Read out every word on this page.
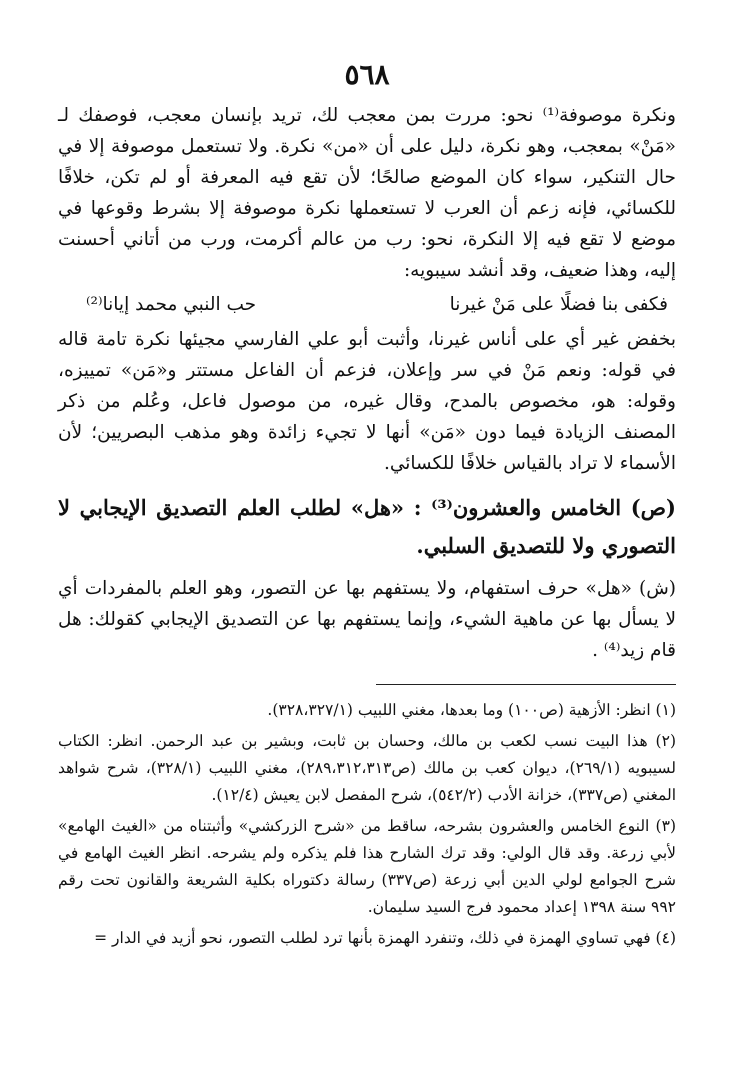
٥٦٨

ونكرة موصوفة⁽¹⁾ نحو: مررت بمن معجب لك، تريد بإنسان معجب، فوصفك لـ «مَنْ» بمعجب، وهو نكرة، دليل على أن «من» نكرة. ولا تستعمل موصوفة إلا في حال التنكير، سواء كان الموضع صالحًا؛ لأن تقع فيه المعرفة أو لم تكن، خلافًا للكسائي، فإنه زعم أن العرب لا تستعملها نكرة موصوفة إلا بشرط وقوعها في موضع لا تقع فيه إلا النكرة، نحو: رب من عالم أكرمت، ورب من أتاني أحسنت إليه، وهذا ضعيف، وقد أنشد سيبويه:

فكفى بنا فضلًا على مَنْ غيرنا
حب النبي محمد إيانا⁽²⁾

بخفض غير أي على أناس غيرنا، وأثبت أبو علي الفارسي مجيئها نكرة تامة قاله في قوله: ونعم مَنْ في سر وإعلان، فزعم أن الفاعل مستتر و«مَن» تمييزه، وقوله: هو، مخصوص بالمدح، وقال غيره، من موصول فاعل، وعُلم من ذكر المصنف الزيادة فيما دون «مَن» أنها لا تجيء زائدة وهو مذهب البصريين؛ لأن الأسماء لا تراد بالقياس خلافًا للكسائي.

(ص) الخامس والعشرون⁽³⁾ : «هل» لطلب العلم التصديق الإيجابي لا التصوري ولا للتصديق السلبي.

(ش) «هل» حرف استفهام، ولا يستفهم بها عن التصور، وهو العلم بالمفردات أي لا يسأل بها عن ماهية الشيء، وإنما يستفهم بها عن التصديق الإيجابي كقولك: هل قام زيد⁽⁴⁾ .

(١) انظر: الأزهية (ص١٠٠) وما بعدها، مغني اللبيب (٣٢٨،٣٢٧/١).

(٢) هذا البيت نسب لكعب بن مالك، وحسان بن ثابت، وبشير بن عبد الرحمن. انظر: الكتاب لسيبويه (٢٦٩/١)، ديوان كعب بن مالك (ص٢٨٩،٣١٢،٣١٣)، مغني اللبيب (٣٢٨/١)، شرح شواهد المغني (ص٣٣٧)، خزانة الأدب (٥٤٢/٢)، شرح المفصل لابن يعيش (١٢/٤).

(٣) النوع الخامس والعشرون بشرحه، ساقط من «شرح الزركشي» وأثبتناه من «الغيث الهامع» لأبي زرعة. وقد قال الولي: وقد ترك الشارح هذا فلم يذكره ولم يشرحه. انظر الغيث الهامع في شرح الجوامع لولي الدين أبي زرعة (ص٣٣٧) رسالة دكتوراه بكلية الشريعة والقانون تحت رقم ٩٩٢ سنة ١٣٩٨ إعداد محمود فرج السيد سليمان.

(٤) فهي تساوي الهمزة في ذلك، وتنفرد الهمزة بأنها ترد لطلب التصور، نحو أزيد في الدار =
